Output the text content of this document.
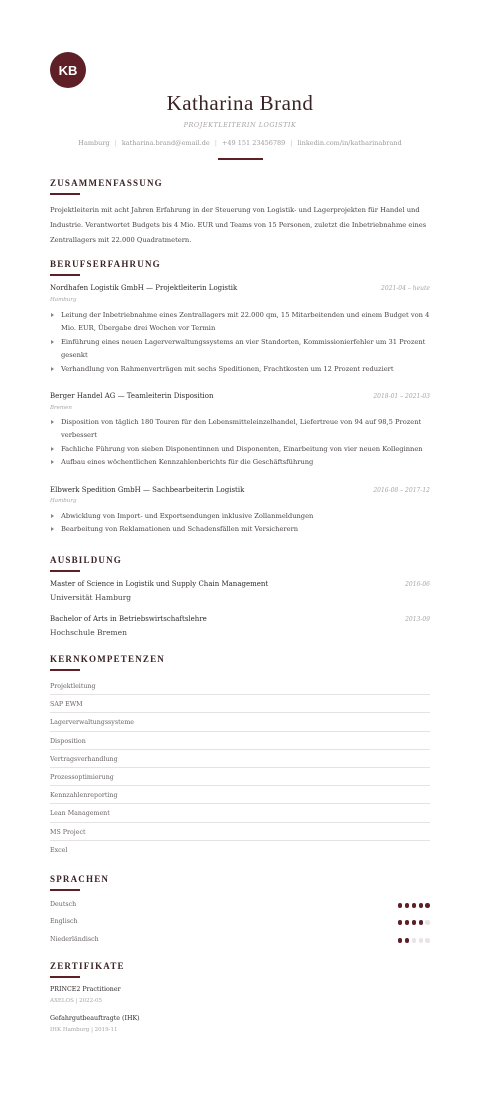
KB
Katharina Brand
PROJEKTLEITERIN LOGISTIK
Hamburg | katharina.brand@email.de | +49 151 23456789 | linkedin.com/in/katharinabrand
ZUSAMMENFASSUNG
Projektleiterin mit acht Jahren Erfahrung in der Steuerung von Logistik- und Lagerprojekten für Handel und Industrie. Verantwortet Budgets bis 4 Mio. EUR und Teams von 15 Personen, zuletzt die Inbetriebnahme eines Zentrallagers mit 22.000 Quadratmetern.
BERUFSERFAHRUNG
Nordhafen Logistik GmbH — Projektleiterin Logistik	2021-04 – heute
Hamburg
Leitung der Inbetriebnahme eines Zentrallagers mit 22.000 qm, 15 Mitarbeitenden und einem Budget von 4 Mio. EUR, Übergabe drei Wochen vor Termin
Einführung eines neuen Lagerverwaltungssystems an vier Standorten, Kommissionierfehler um 31 Prozent gesenkt
Verhandlung von Rahmenverträgen mit sechs Speditionen, Frachtkosten um 12 Prozent reduziert
Berger Handel AG — Teamleiterin Disposition	2018-01 – 2021-03
Bremen
Disposition von täglich 180 Touren für den Lebensmitteleinzelhandel, Liefertreue von 94 auf 98,5 Prozent verbessert
Fachliche Führung von sieben Disponentinnen und Disponenten, Einarbeitung von vier neuen Kolleginnen
Aufbau eines wöchentlichen Kennzahlenberichts für die Geschäftsführung
Elbwerk Spedition GmbH — Sachbearbeiterin Logistik	2016-08 – 2017-12
Hamburg
Abwicklung von Import- und Exportsendungen inklusive Zollanmeldungen
Bearbeitung von Reklamationen und Schadensfällen mit Versicherern
AUSBILDUNG
Master of Science in Logistik und Supply Chain Management	2016-06
Universität Hamburg
Bachelor of Arts in Betriebswirtschaftslehre	2013-09
Hochschule Bremen
KERNKOMPETENZEN
Projektleitung
SAP EWM
Lagerverwaltungssysteme
Disposition
Vertragsverhandlung
Prozessoptimierung
Kennzahlenreporting
Lean Management
MS Project
Excel
SPRACHEN
Deutsch
Englisch
Niederländisch
ZERTIFIKATE
PRINCE2 Practitioner
AXELOS | 2022-05
Gefahrgutbeauftragte (IHK)
IHK Hamburg | 2019-11
